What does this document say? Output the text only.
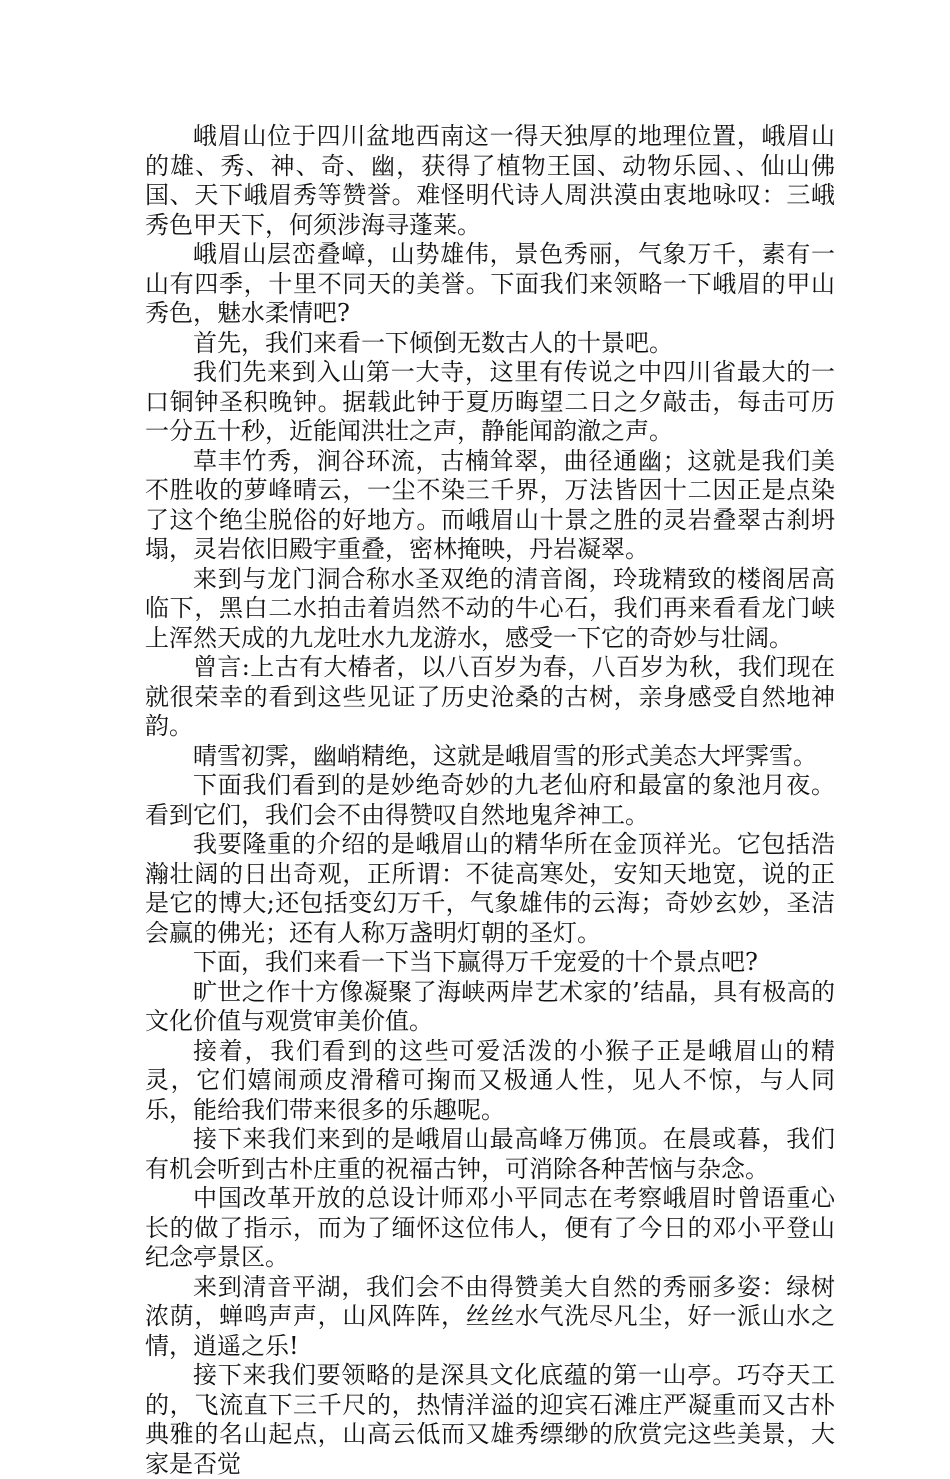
峨眉山位于四川盆地西南这一得天独厚的地理位置，峨眉山的雄、秀、神、奇、幽，获得了植物王国、动物乐园、、仙山佛国、天下峨眉秀等赞誉。难怪明代诗人周洪漠由衷地咏叹：三峨秀色甲天下，何须涉海寻蓬莱。

峨眉山层峦叠嶂，山势雄伟，景色秀丽，气象万千，素有一山有四季，十里不同天的美誉。下面我们来领略一下峨眉的甲山秀色，魅水柔情吧?

首先，我们来看一下倾倒无数古人的十景吧。

我们先来到入山第一大寺，这里有传说之中四川省最大的一口铜钟圣积晚钟。据载此钟于夏历晦望二日之夕敲击，每击可历一分五十秒，近能闻洪壮之声，静能闻韵澈之声。

草丰竹秀，涧谷环流，古楠耸翠，曲径通幽；这就是我们美不胜收的萝峰晴云，一尘不染三千界，万法皆因十二因正是点染了这个绝尘脱俗的好地方。而峨眉山十景之胜的灵岩叠翠古刹坍塌，灵岩依旧殿宇重叠，密林掩映，丹岩凝翠。

来到与龙门洞合称水圣双绝的清音阁，玲珑精致的楼阁居高临下，黑白二水拍击着岿然不动的牛心石，我们再来看看龙门峡上浑然天成的九龙吐水九龙游水，感受一下它的奇妙与壮阔。

曾言:上古有大椿者，以八百岁为春，八百岁为秋，我们现在就很荣幸的看到这些见证了历史沧桑的古树，亲身感受自然地神韵。

晴雪初霁，幽峭精绝，这就是峨眉雪的形式美态大坪霁雪。

下面我们看到的是妙绝奇妙的九老仙府和最富的象池月夜。看到它们，我们会不由得赞叹自然地鬼斧神工。

我要隆重的介绍的是峨眉山的精华所在金顶祥光。它包括浩瀚壮阔的日出奇观，正所谓：不徒高寒处，安知天地宽，说的正是它的博大;还包括变幻万千，气象雄伟的云海；奇妙玄妙，圣洁会赢的佛光；还有人称万盏明灯朝的圣灯。

下面，我们来看一下当下赢得万千宠爱的十个景点吧?

旷世之作十方像凝聚了海峡两岸艺术家的’结晶，具有极高的文化价值与观赏审美价值。

接着，我们看到的这些可爱活泼的小猴子正是峨眉山的精灵，它们嬉闹顽皮滑稽可掬而又极通人性，见人不惊，与人同乐，能给我们带来很多的乐趣呢。

接下来我们来到的是峨眉山最高峰万佛顶。在晨或暮，我们有机会听到古朴庄重的祝福古钟，可消除各种苦恼与杂念。

中国改革开放的总设计师邓小平同志在考察峨眉时曾语重心长的做了指示，而为了缅怀这位伟人，便有了今日的邓小平登山纪念亭景区。

来到清音平湖，我们会不由得赞美大自然的秀丽多姿：绿树浓荫，蝉鸣声声，山风阵阵，丝丝水气洗尽凡尘，好一派山水之情，逍遥之乐!

接下来我们要领略的是深具文化底蕴的第一山亭。巧夺天工的，飞流直下三千尺的，热情洋溢的迎宾石滩庄严凝重而又古朴典雅的名山起点，山高云低而又雄秀缥缈的欣赏完这些美景，大家是否觉
